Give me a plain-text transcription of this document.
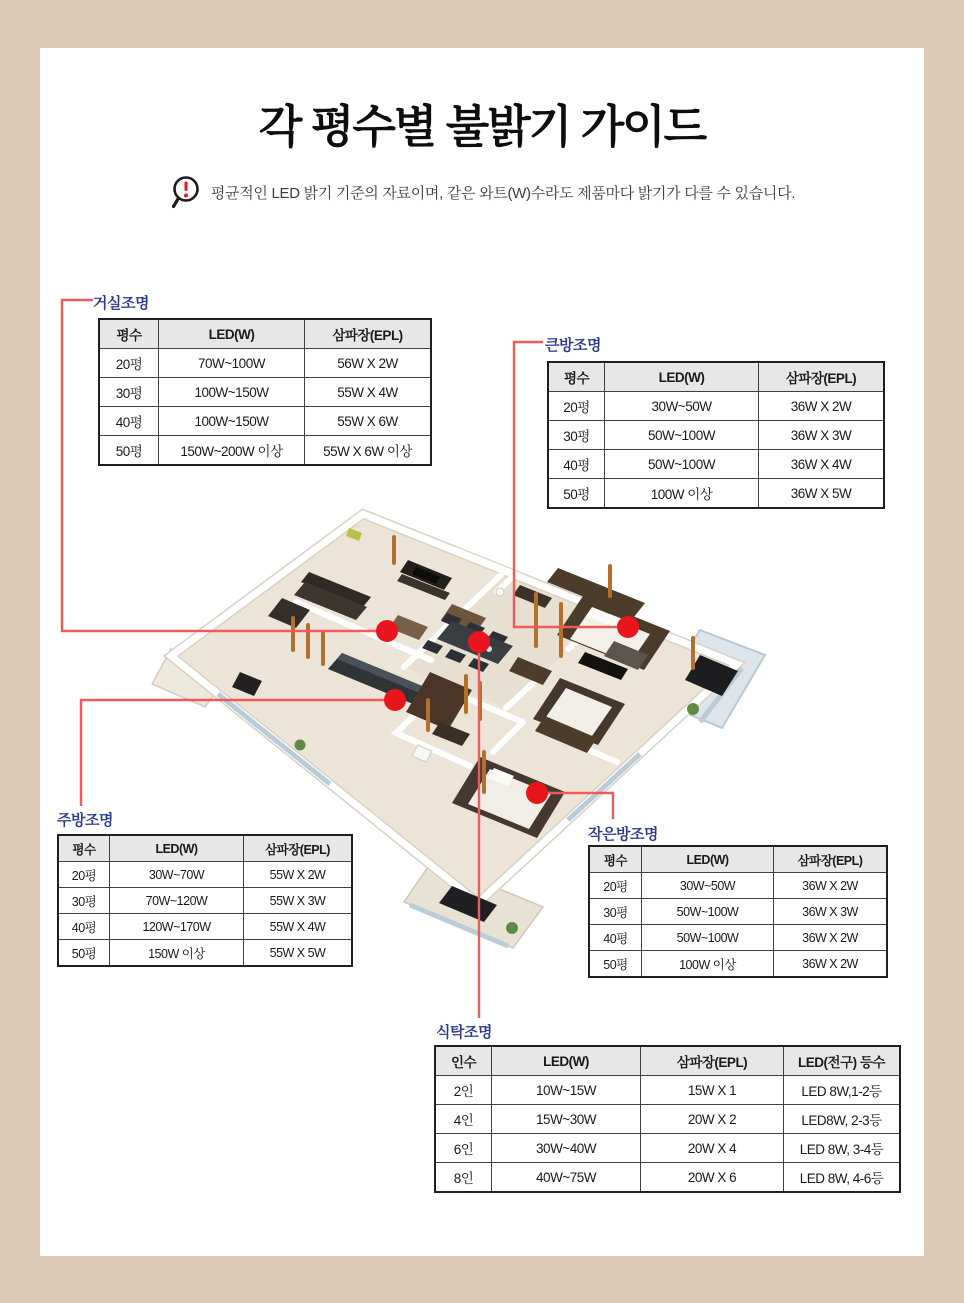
각 평수별 불밝기 가이드
평균적인 LED 밝기 기준의 자료이며, 같은 와트(W)수라도 제품마다 밝기가 다를 수 있습니다.
거실조명
큰방조명
주방조명
작은방조명
식탁조명
평수	LED(W)	삼파장(EPL)
20평	70W~100W	56W X 2W
30평	100W~150W	55W X 4W
40평	100W~150W	55W X 6W
50평	150W~200W 이상	55W X 6W 이상
평수	LED(W)	삼파장(EPL)
20평	30W~50W	36W X 2W
30평	50W~100W	36W X 3W
40평	50W~100W	36W X 4W
50평	100W 이상	36W X 5W
평수	LED(W)	삼파장(EPL)
20평	30W~70W	55W X 2W
30평	70W~120W	55W X 3W
40평	120W~170W	55W X 4W
50평	150W 이상	55W X 5W
평수	LED(W)	삼파장(EPL)
20평	30W~50W	36W X 2W
30평	50W~100W	36W X 3W
40평	50W~100W	36W X 2W
50평	100W 이상	36W X 2W
인수	LED(W)	삼파장(EPL)	LED(전구) 등수
2인	10W~15W	15W X 1	LED 8W,1-2등
4인	15W~30W	20W X 2	LED8W, 2-3등
6인	30W~40W	20W X 4	LED 8W, 3-4등
8인	40W~75W	20W X 6	LED 8W, 4-6등
